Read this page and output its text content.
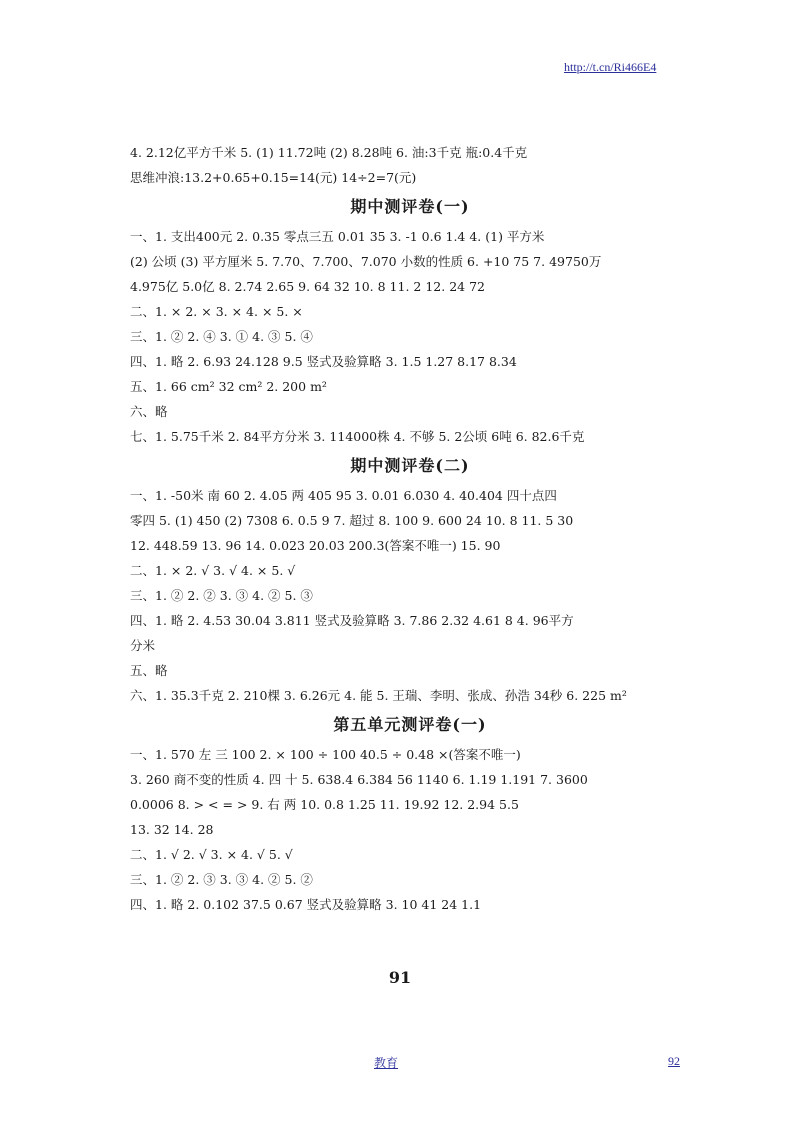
http://t.cn/Ri466E4
4. 2.12亿平方千米 5. (1) 11.72吨 (2) 8.28吨 6. 油:3千克 瓶:0.4千克
思维冲浪:13.2+0.65+0.15=14(元) 14÷2=7(元)
期中测评卷(一)
一、1. 支出400元 2. 0.35 零点三五 0.01 35 3. -1 0.6 1.4 4. (1) 平方米
(2) 公顷 (3) 平方厘米 5. 7.70、7.700、7.070 小数的性质 6. +10 75 7. 49750万
4.975亿 5.0亿 8. 2.74 2.65 9. 64 32 10. 8 11. 2 12. 24 72
二、1. × 2. × 3. × 4. × 5. ×
三、1. ② 2. ④ 3. ① 4. ③ 5. ④
四、1. 略 2. 6.93 24.128 9.5 竖式及验算略 3. 1.5 1.27 8.17 8.34
五、1. 66 cm² 32 cm² 2. 200 m²
六、略
七、1. 5.75千米 2. 84平方分米 3. 114000株 4. 不够 5. 2公顷 6吨 6. 82.6千克
期中测评卷(二)
一、1. -50米 南 60 2. 4.05 两 405 95 3. 0.01 6.030 4. 40.404 四十点四
零四 5. (1) 450 (2) 7308 6. 0.5 9 7. 超过 8. 100 9. 600 24 10. 8 11. 5 30
12. 448.59 13. 96 14. 0.023 20.03 200.3(答案不唯一) 15. 90
二、1. × 2. √ 3. √ 4. × 5. √
三、1. ② 2. ② 3. ③ 4. ② 5. ③
四、1. 略 2. 4.53 30.04 3.811 竖式及验算略 3. 7.86 2.32 4.61 8 4. 96平方
分米
五、略
六、1. 35.3千克 2. 210棵 3. 6.26元 4. 能 5. 王瑞、李明、张成、孙浩 34秒 6. 225 m²
第五单元测评卷(一)
一、1. 570 左 三 100 2. × 100 ÷ 100 40.5 ÷ 0.48 ×(答案不唯一)
3. 260 商不变的性质 4. 四 十 5. 638.4 6.384 56 1140 6. 1.19 1.191 7. 3600
0.0006 8. > < = > 9. 右 两 10. 0.8 1.25 11. 19.92 12. 2.94 5.5
13. 32 14. 28
二、1. √ 2. √ 3. × 4. √ 5. √
三、1. ② 2. ③ 3. ③ 4. ② 5. ②
四、1. 略 2. 0.102 37.5 0.67 竖式及验算略 3. 10 41 24 1.1
91
教育	92
